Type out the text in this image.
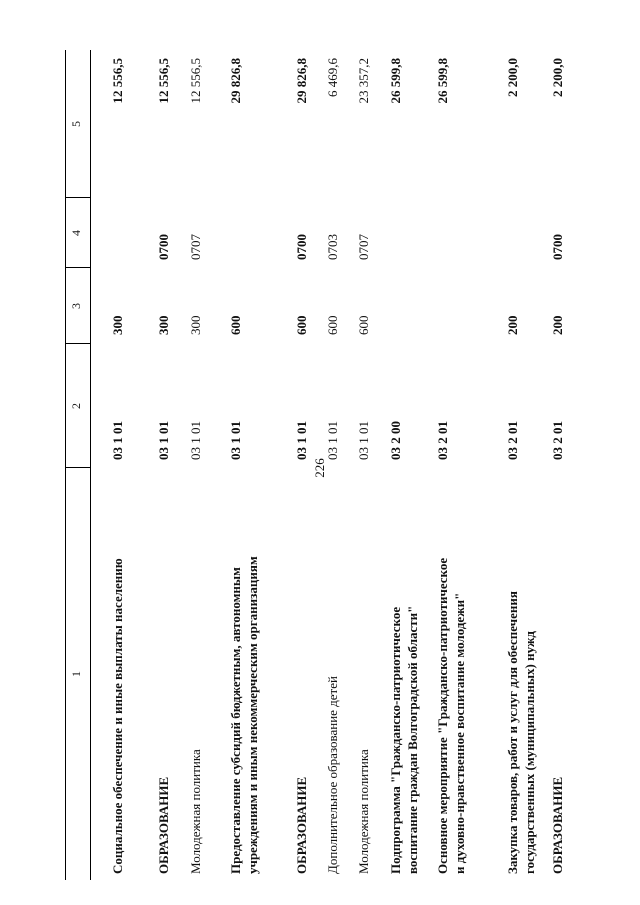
226
1
2
3
4
5
Социальное обеспечение и иные выплаты населению
03 1 01
300
12 556,5
ОБРАЗОВАНИЕ
03 1 01
300
0700
12 556,5
Молодежная политика
03 1 01
300
0707
12 556,5
Предоставление субсидий бюджетным, автономным учреждениям и иным некоммерческим организациям
03 1 01
600
29 826,8
ОБРАЗОВАНИЕ
03 1 01
600
0700
29 826,8
Дополнительное образование детей
03 1 01
600
0703
6 469,6
Молодежная политика
03 1 01
600
0707
23 357,2
Подпрограмма "Гражданско-патриотическое воспитание граждан Волгоградской области"
03 2 00
26 599,8
Основное мероприятие "Гражданско-патриотическое и духовно-нравственное воспитание молодежи"
03 2 01
26 599,8
Закупка товаров, работ и услуг для обеспечения государственных (муниципальных) нужд
03 2 01
200
2 200,0
ОБРАЗОВАНИЕ
03 2 01
200
0700
2 200,0
